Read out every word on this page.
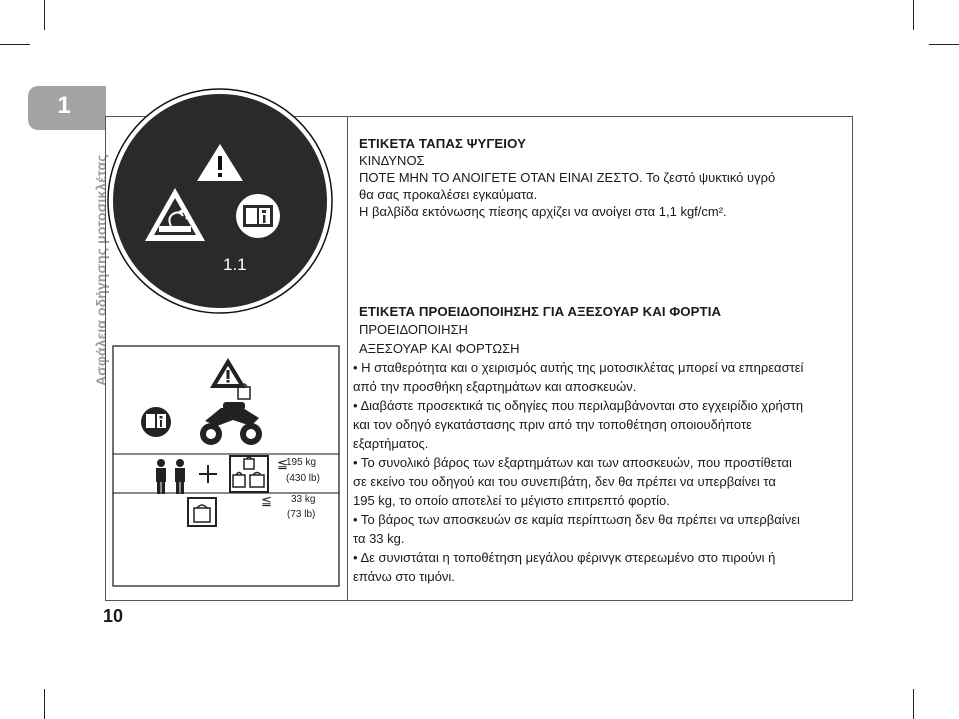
1
Ασφάλεια οδήγησης μοτοσικλέτας
10
1.1
≦
195 kg
(430 lb)
≦ 33 kg
(73 lb)
ΕΤΙΚΕΤΑ ΤΑΠΑΣ ΨΥΓΕΙΟΥ
ΚΙΝΔΥΝΟΣ
ΠΟΤΕ ΜΗΝ ΤΟ ΑΝΟΙΓΕΤΕ ΟΤΑΝ ΕΙΝΑΙ ΖΕΣΤΟ. Το ζεστό ψυκτικό υγρό
θα σας προκαλέσει εγκαύματα.
Η βαλβίδα εκτόνωσης πίεσης αρχίζει να ανοίγει στα 1,1 kgf/cm².
ΕΤΙΚΕΤΑ ΠΡΟΕΙΔΟΠΟΙΗΣΗΣ ΓΙΑ ΑΞΕΣΟΥΑΡ ΚΑΙ ΦΟΡΤΙΑ
ΠΡΟΕΙΔΟΠΟΙΗΣΗ
ΑΞΕΣΟΥΑΡ ΚΑΙ ΦΟΡΤΩΣΗ
• Η σταθερότητα και ο χειρισμός αυτής της μοτοσικλέτας μπορεί να επηρεαστεί
από την προσθήκη εξαρτημάτων και αποσκευών.
• Διαβάστε προσεκτικά τις οδηγίες που περιλαμβάνονται στο εγχειρίδιο χρήστη
και τον οδηγό εγκατάστασης πριν από την τοποθέτηση οποιουδήποτε
εξαρτήματος.
• Το συνολικό βάρος των εξαρτημάτων και των αποσκευών, που προστίθεται
σε εκείνο του οδηγού και του συνεπιβάτη, δεν θα πρέπει να υπερβαίνει τα
195 kg, το οποίο αποτελεί το μέγιστο επιτρεπτό φορτίο.
• Το βάρος των αποσκευών σε καμία περίπτωση δεν θα πρέπει να υπερβαίνει
τα 33 kg.
• Δε συνιστάται η τοποθέτηση μεγάλου φέρινγκ στερεωμένο στο πιρούνι ή
επάνω στο τιμόνι.
